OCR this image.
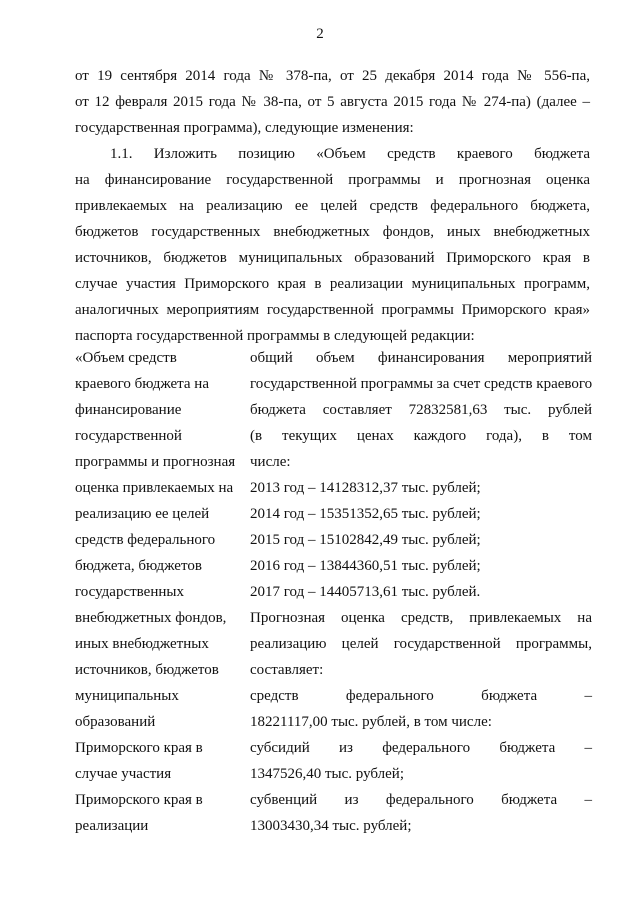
2
от 19 сентября 2014 года № 378-па, от 25 декабря 2014 года № 556-па,
от 12 февраля 2015 года № 38-па, от 5 августа 2015 года № 274-па) (далее –
государственная программа), следующие изменения:
1.1. Изложить позицию «Объем средств краевого бюджета
на финансирование государственной программы и прогнозная оценка
привлекаемых на реализацию ее целей средств федерального бюджета,
бюджетов государственных внебюджетных фондов, иных внебюджетных
источников, бюджетов муниципальных образований Приморского края в
случае участия Приморского края в реализации муниципальных программ,
аналогичных мероприятиям государственной программы Приморского края»
паспорта государственной программы в следующей редакции:
«Объем средств
краевого бюджета на
финансирование
государственной
программы и прогнозная
оценка привлекаемых на
реализацию ее целей
средств федерального
бюджета, бюджетов
государственных
внебюджетных фондов,
иных внебюджетных
источников, бюджетов
муниципальных
образований
Приморского края в
случае участия
Приморского края в
реализации
общий объем финансирования мероприятий
государственной программы за счет средств краевого
бюджета составляет 72832581,63 тыс. рублей
(в текущих ценах каждого года), в том
числе:
2013 год – 14128312,37 тыс. рублей;
2014 год – 15351352,65 тыс. рублей;
2015 год – 15102842,49 тыс. рублей;
2016 год – 13844360,51 тыс. рублей;
2017 год – 14405713,61 тыс. рублей.
Прогнозная оценка средств, привлекаемых на
реализацию целей государственной программы,
составляет:
средств федерального бюджета –
18221117,00 тыс. рублей, в том числе:
субсидий из федерального бюджета –
1347526,40 тыс. рублей;
субвенций из федерального бюджета –
13003430,34 тыс. рублей;
